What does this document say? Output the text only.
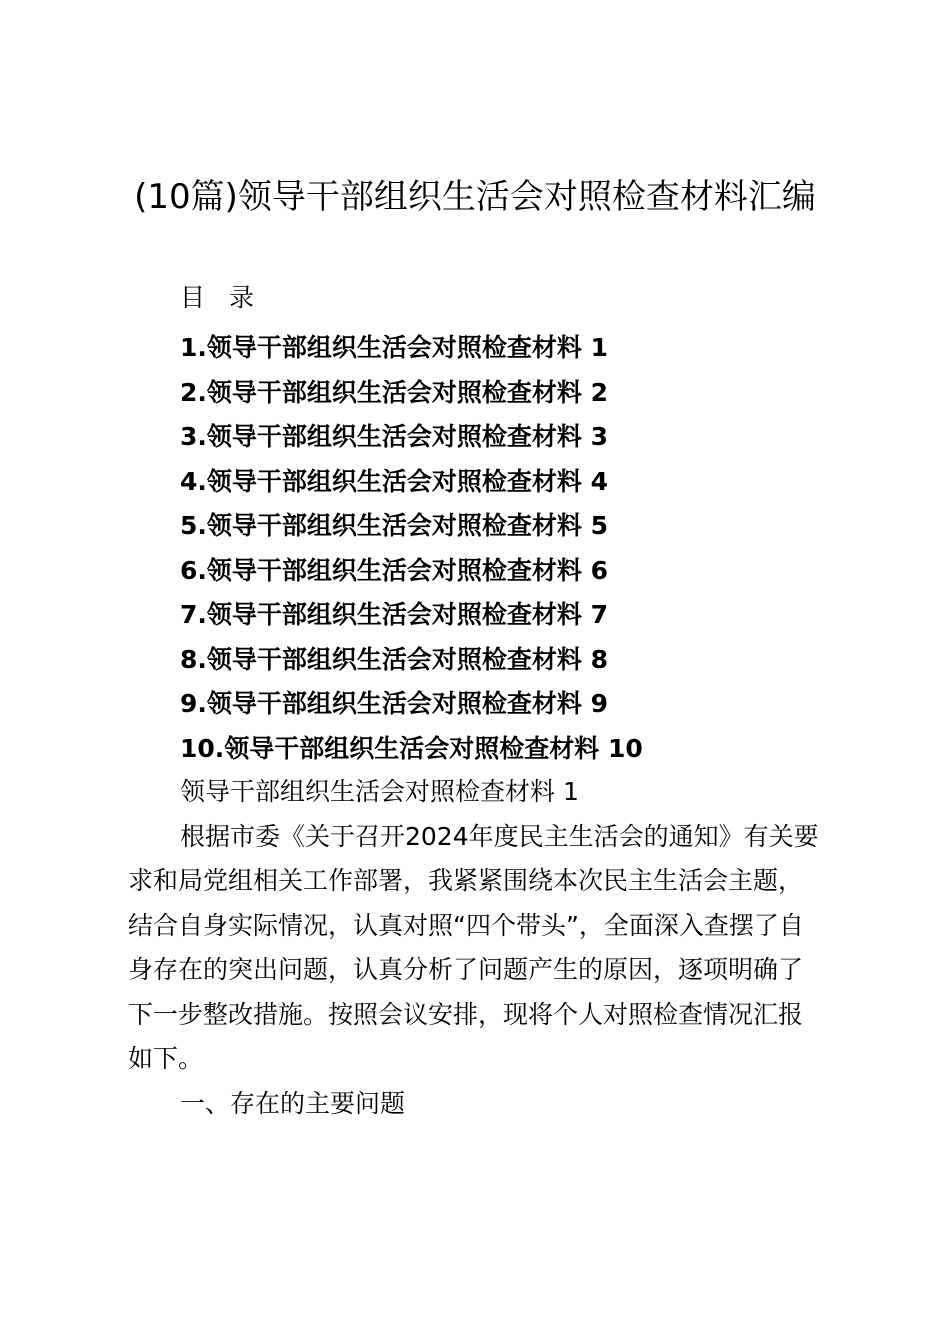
(10篇)领导干部组织生活会对照检查材料汇编
目 录
1.领导干部组织生活会对照检查材料 1
2.领导干部组织生活会对照检查材料 2
3.领导干部组织生活会对照检查材料 3
4.领导干部组织生活会对照检查材料 4
5.领导干部组织生活会对照检查材料 5
6.领导干部组织生活会对照检查材料 6
7.领导干部组织生活会对照检查材料 7
8.领导干部组织生活会对照检查材料 8
9.领导干部组织生活会对照检查材料 9
10.领导干部组织生活会对照检查材料 10

领导干部组织生活会对照检查材料 1

根据市委《关于召开2024年度民主生活会的通知》有关要求和局党组相关工作部署，我紧紧围绕本次民主生活会主题，结合自身实际情况，认真对照“四个带头”，全面深入查摆了自身存在的突出问题，认真分析了问题产生的原因，逐项明确了下一步整改措施。按照会议安排，现将个人对照检查情况汇报如下。

一、存在的主要问题
